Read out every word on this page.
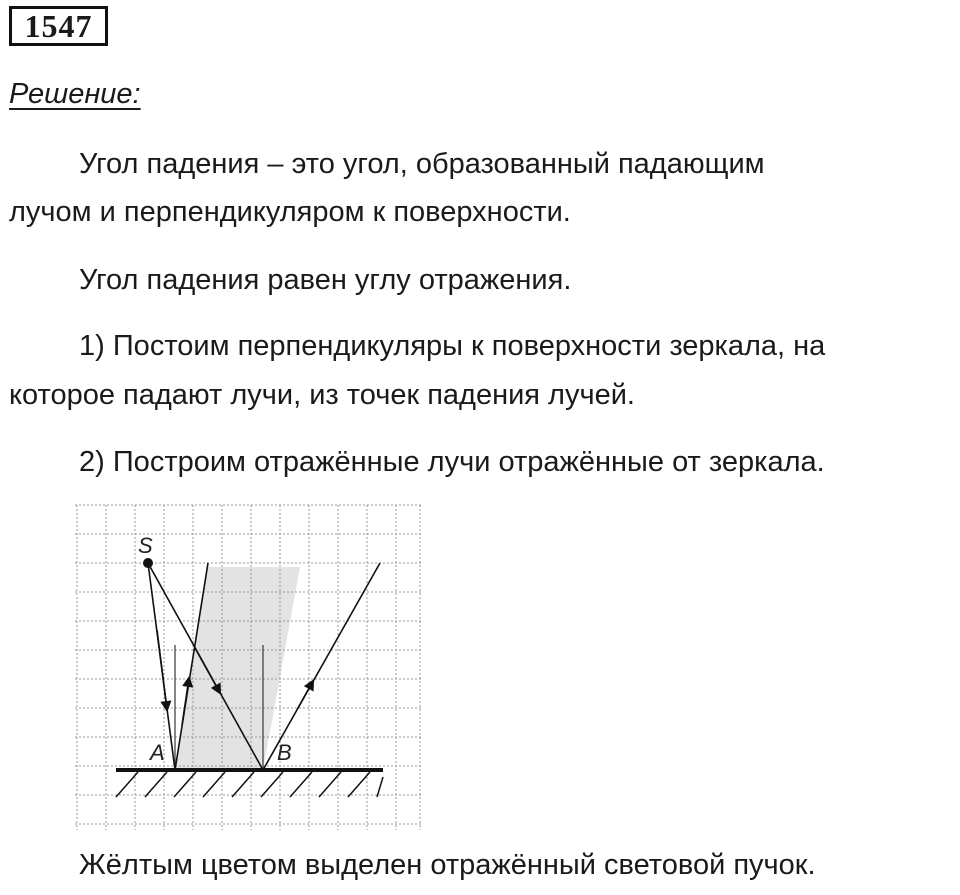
1547
Решение:

Угол падения – это угол, образованный падающим

лучом и перпендикуляром к поверхности.

Угол падения равен углу отражения.

1) Постоим перпендикуляры к поверхности зеркала, на

которое падают лучи, из точек падения лучей.

2) Построим отражённые лучи отражённые от зеркала.

S
A	B

Жёлтым цветом выделен отражённый световой пучок.
